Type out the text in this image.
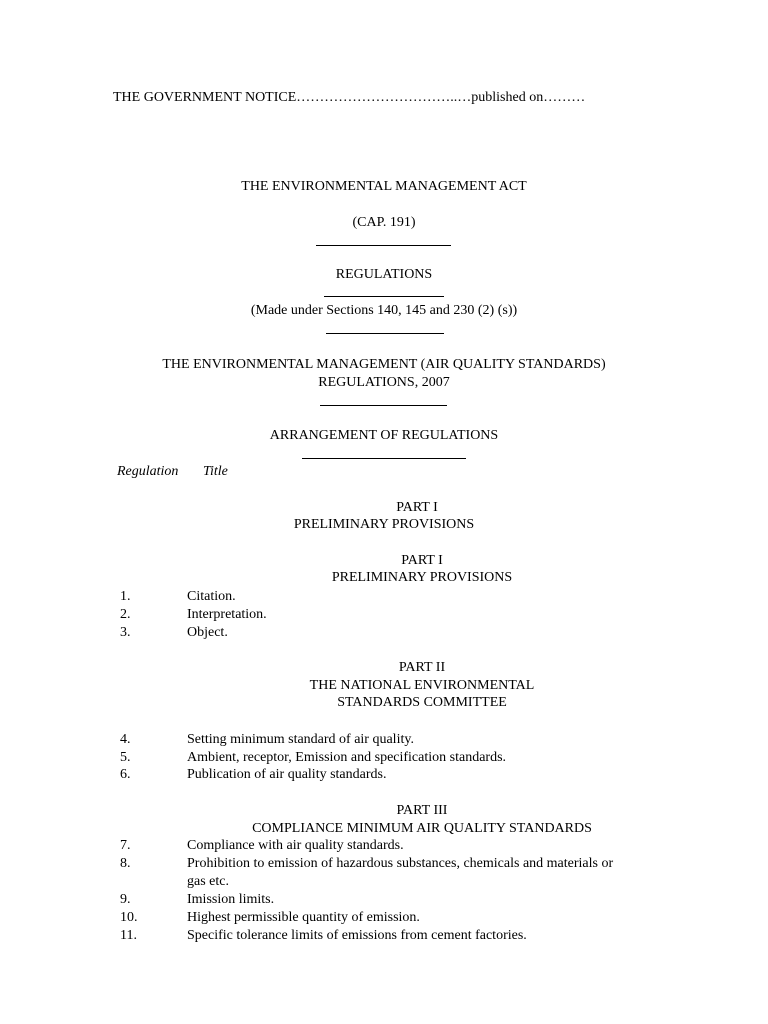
THE GOVERNMENT NOTICE……………………………..…published on………
THE ENVIRONMENTAL MANAGEMENT ACT
(CAP. 191)
REGULATIONS
(Made under Sections 140, 145 and 230 (2) (s))
THE ENVIRONMENTAL MANAGEMENT (AIR QUALITY STANDARDS)
REGULATIONS, 2007
ARRANGEMENT OF REGULATIONS
Regulation Title
PART I
PRELIMINARY PROVISIONS
PART I
PRELIMINARY PROVISIONS
1.	Citation.
2.	Interpretation.
3.	Object.
PART II
THE NATIONAL ENVIRONMENTAL
STANDARDS COMMITTEE
4.	Setting minimum standard of air quality.
5.	Ambient, receptor, Emission and specification standards.
6.	Publication of air quality standards.
PART III
COMPLIANCE MINIMUM AIR QUALITY STANDARDS
7.	Compliance with air quality standards.
8.	Prohibition to emission of hazardous substances, chemicals and materials or
gas etc.
9.	Imission limits.
10.	Highest permissible quantity of emission.
11.	Specific tolerance limits of emissions from cement factories.
